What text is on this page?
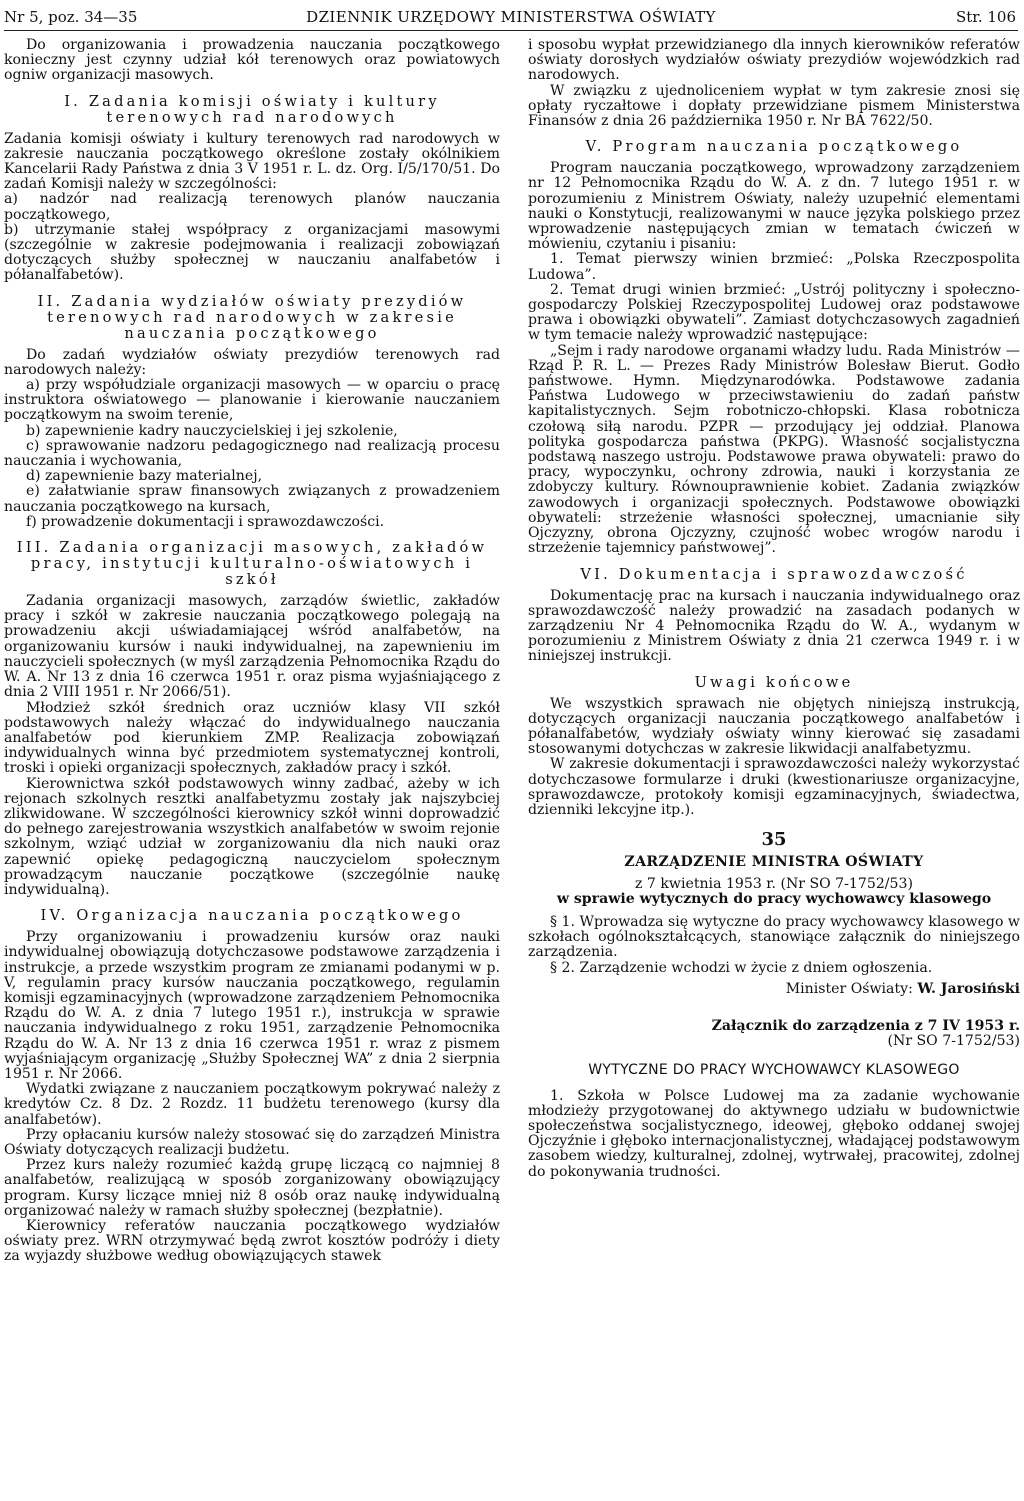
Nr 5, poz. 34—35	DZIENNIK URZĘDOWY MINISTERSTWA OŚWIATY	Str. 106

Do organizowania i prowadzenia nauczania początkowego konieczny jest czynny udział kół terenowych oraz powiatowych ogniw organizacji masowych.

I. Zadania komisji oświaty i kultury terenowych rad narodowych

Zadania komisji oświaty i kultury terenowych rad narodowych w zakresie nauczania początkowego określone zostały okólnikiem Kancelarii Rady Państwa z dnia 3 V 1951 r. L. dz. Org. I/5/170/51. Do zadań Komisji należy w szczególności:

a) nadzór nad realizacją terenowych planów nauczania początkowego,

b) utrzymanie stałej współpracy z organizacjami masowymi (szczególnie w zakresie podejmowania i realizacji zobowiązań dotyczących służby społecznej w nauczaniu analfabetów i półanalfabetów).

II. Zadania wydziałów oświaty prezydiów terenowych rad narodowych w zakresie nauczania początkowego

Do zadań wydziałów oświaty prezydiów terenowych rad narodowych należy:

a) przy współudziale organizacji masowych — w oparciu o pracę instruktora oświatowego — planowanie i kierowanie nauczaniem początkowym na swoim terenie,

b) zapewnienie kadry nauczycielskiej i jej szkolenie,

c) sprawowanie nadzoru pedagogicznego nad realizacją procesu nauczania i wychowania,

d) zapewnienie bazy materialnej,

e) załatwianie spraw finansowych związanych z prowadzeniem nauczania początkowego na kursach,

f) prowadzenie dokumentacji i sprawozdawczości.

III. Zadania organizacji masowych, zakładów pracy, instytucji kulturalno-oświatowych i szkół

Zadania organizacji masowych, zarządów świetlic, zakładów pracy i szkół w zakresie nauczania początkowego polegają na prowadzeniu akcji uświadamiającej wśród analfabetów, na organizowaniu kursów i nauki indywidualnej, na zapewnieniu im nauczycieli społecznych (w myśl zarządzenia Pełnomocnika Rządu do W. A. Nr 13 z dnia 16 czerwca 1951 r. oraz pisma wyjaśniającego z dnia 2 VIII 1951 r. Nr 2066/51).

Młodzież szkół średnich oraz uczniów klasy VII szkół podstawowych należy włączać do indywidualnego nauczania analfabetów pod kierunkiem ZMP. Realizacja zobowiązań indywidualnych winna być przedmiotem systematycznej kontroli, troski i opieki organizacji społecznych, zakładów pracy i szkół.

Kierownictwa szkół podstawowych winny zadbać, ażeby w ich rejonach szkolnych resztki analfabetyzmu zostały jak najszybciej zlikwidowane. W szczególności kierownicy szkół winni doprowadzić do pełnego zarejestrowania wszystkich analfabetów w swoim rejonie szkolnym, wziąć udział w zorganizowaniu dla nich nauki oraz zapewnić opiekę pedagogiczną nauczycielom społecznym prowadzącym nauczanie początkowe (szczególnie naukę indywidualną).

IV. Organizacja nauczania początkowego

Przy organizowaniu i prowadzeniu kursów oraz nauki indywidualnej obowiązują dotychczasowe podstawowe zarządzenia i instrukcje, a przede wszystkim program ze zmianami podanymi w p. V, regulamin pracy kursów nauczania początkowego, regulamin komisji egzaminacyjnych (wprowadzone zarządzeniem Pełnomocnika Rządu do W. A. z dnia 7 lutego 1951 r.), instrukcja w sprawie nauczania indywidualnego z roku 1951, zarządzenie Pełnomocnika Rządu do W. A. Nr 13 z dnia 16 czerwca 1951 r. wraz z pismem wyjaśniającym organizację „Służby Społecznej WA” z dnia 2 sierpnia 1951 r. Nr 2066.

Wydatki związane z nauczaniem początkowym pokrywać należy z kredytów Cz. 8 Dz. 2 Rozdz. 11 budżetu terenowego (kursy dla analfabetów).

Przy opłacaniu kursów należy stosować się do zarządzeń Ministra Oświaty dotyczących realizacji budżetu.

Przez kurs należy rozumieć każdą grupę liczącą co najmniej 8 analfabetów, realizującą w sposób zorganizowany obowiązujący program. Kursy liczące mniej niż 8 osób oraz naukę indywidualną organizować należy w ramach służby społecznej (bezpłatnie).

Kierownicy referatów nauczania początkowego wydziałów oświaty prez. WRN otrzymywać będą zwrot kosztów podróży i diety za wyjazdy służbowe według obowiązujących stawek

i sposobu wypłat przewidzianego dla innych kierowników referatów oświaty dorosłych wydziałów oświaty prezydiów wojewódzkich rad narodowych.

W związku z ujednoliceniem wypłat w tym zakresie znosi się opłaty ryczałtowe i dopłaty przewidziane pismem Ministerstwa Finansów z dnia 26 października 1950 r. Nr BA 7622/50.

V. Program nauczania początkowego

Program nauczania początkowego, wprowadzony zarządzeniem nr 12 Pełnomocnika Rządu do W. A. z dn. 7 lutego 1951 r. w porozumieniu z Ministrem Oświaty, należy uzupełnić elementami nauki o Konstytucji, realizowanymi w nauce języka polskiego przez wprowadzenie następujących zmian w tematach ćwiczeń w mówieniu, czytaniu i pisaniu:

1. Temat pierwszy winien brzmieć: „Polska Rzeczpospolita Ludowa”.

2. Temat drugi winien brzmieć: „Ustrój polityczny i społeczno-gospodarczy Polskiej Rzeczypospolitej Ludowej oraz podstawowe prawa i obowiązki obywateli”. Zamiast dotychczasowych zagadnień w tym temacie należy wprowadzić następujące:

„Sejm i rady narodowe organami władzy ludu. Rada Ministrów — Rząd P. R. L. — Prezes Rady Ministrów Bolesław Bierut. Godło państwowe. Hymn. Międzynarodówka. Podstawowe zadania Państwa Ludowego w przeciwstawieniu do zadań państw kapitalistycznych. Sejm robotniczo-chłopski. Klasa robotnicza czołową siłą narodu. PZPR — przodujący jej oddział. Planowa polityka gospodarcza państwa (PKPG). Własność socjalistyczna podstawą naszego ustroju. Podstawowe prawa obywateli: prawo do pracy, wypoczynku, ochrony zdrowia, nauki i korzystania ze zdobyczy kultury. Równouprawnienie kobiet. Zadania związków zawodowych i organizacji społecznych. Podstawowe obowiązki obywateli: strzeżenie własności społecznej, umacnianie siły Ojczyzny, obrona Ojczyzny, czujność wobec wrogów narodu i strzeżenie tajemnicy państwowej”.

VI. Dokumentacja i sprawozdawczość

Dokumentację prac na kursach i nauczania indywidualnego oraz sprawozdawczość należy prowadzić na zasadach podanych w zarządzeniu Nr 4 Pełnomocnika Rządu do W. A., wydanym w porozumieniu z Ministrem Oświaty z dnia 21 czerwca 1949 r. i w niniejszej instrukcji.

Uwagi końcowe

We wszystkich sprawach nie objętych niniejszą instrukcją, dotyczących organizacji nauczania początkowego analfabetów i półanalfabetów, wydziały oświaty winny kierować się zasadami stosowanymi dotychczas w zakresie likwidacji analfabetyzmu.

W zakresie dokumentacji i sprawozdawczości należy wykorzystać dotychczasowe formularze i druki (kwestionariusze organizacyjne, sprawozdawcze, protokoły komisji egzaminacyjnych, świadectwa, dzienniki lekcyjne itp.).

35
ZARZĄDZENIE MINISTRA OŚWIATY
z 7 kwietnia 1953 r. (Nr SO 7-1752/53)
w sprawie wytycznych do pracy wychowawcy klasowego

§ 1. Wprowadza się wytyczne do pracy wychowawcy klasowego w szkołach ogólnokształcących, stanowiące załącznik do niniejszego zarządzenia.

§ 2. Zarządzenie wchodzi w życie z dniem ogłoszenia.

Minister Oświaty: W. Jarosiński
Załącznik do zarządzenia z 7 IV 1953 r.
(Nr SO 7-1752/53)
WYTYCZNE DO PRACY WYCHOWAWCY KLASOWEGO

1. Szkoła w Polsce Ludowej ma za zadanie wychowanie młodzieży przygotowanej do aktywnego udziału w budownictwie społeczeństwa socjalistycznego, ideowej, głęboko oddanej swojej Ojczyźnie i głęboko internacjonalistycznej, władającej podstawowym zasobem wiedzy, kulturalnej, zdolnej, wytrwałej, pracowitej, zdolnej do pokonywania trudności.
